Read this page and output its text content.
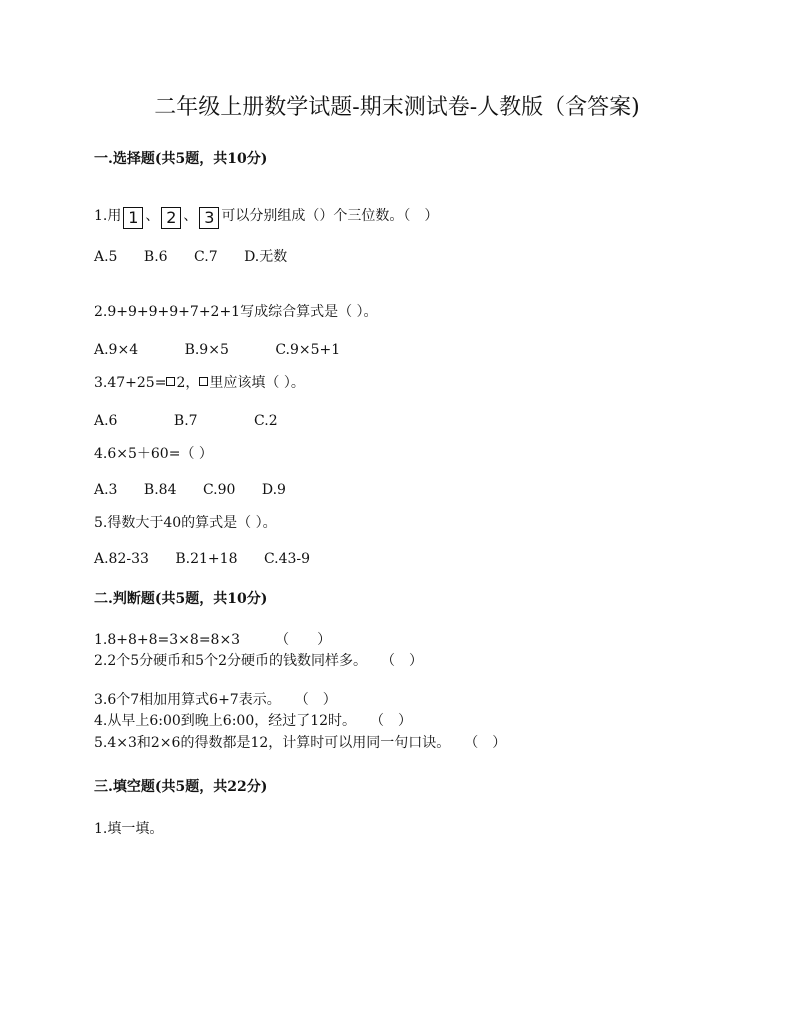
二年级上册数学试题-期末测试卷-人教版（含答案)
一.选择题(共5题，共10分)
1.用 1 、 2 、 3 可以分别组成（）个三位数。（　）
A.5 B.6 C.7 D.无数
2.9+9+9+9+7+2+1写成综合算式是（ ）。
A.9×4	B.9×5	C.9×5+1
3.47+25= 2， 里应该填（ ）。
A.6	B.7	C.2
4.6×5＋60=（ ）
A.3 B.84 C.90 D.9
5.得数大于40的算式是（ ）。
A.82-33 B.21+18 C.43-9
二.判断题(共5题，共10分)
1.8+8+8=3×8=8×3　　　（　　）
2.2个5分硬币和5个2分硬币的钱数同样多。　　（　）
3.6个7相加用算式6+7表示。　　（　）
4.从早上6:00到晚上6:00，经过了12时。　　（　）
5.4×3和2×6的得数都是12，计算时可以用同一句口诀。　　（　）
三.填空题(共5题，共22分)
1.填一填。
